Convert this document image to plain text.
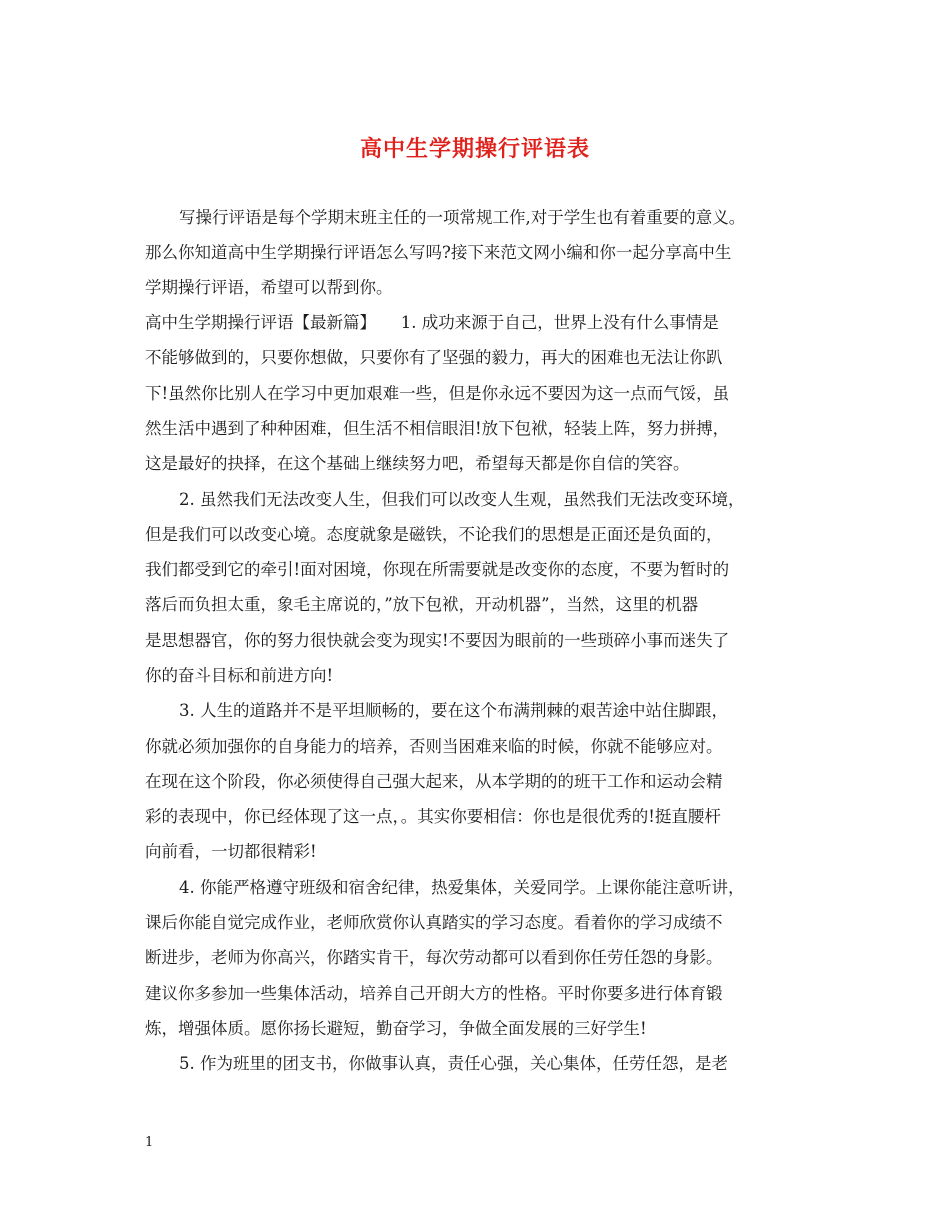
高中生学期操行评语表

写操行评语是每个学期末班主任的一项常规工作,对于学生也有着重要的意义。

那么你知道高中生学期操行评语怎么写吗?接下来范文网小编和你一起分享高中生

学期操行评语，希望可以帮到你。

高中生学期操行评语【最新篇】　　1. 成功来源于自己，世界上没有什么事情是

不能够做到的，只要你想做，只要你有了坚强的毅力，再大的困难也无法让你趴

下!虽然你比别人在学习中更加艰难一些，但是你永远不要因为这一点而气馁，虽

然生活中遇到了种种困难，但生活不相信眼泪!放下包袱，轻装上阵，努力拼搏，

这是最好的抉择，在这个基础上继续努力吧，希望每天都是你自信的笑容。

2. 虽然我们无法改变人生，但我们可以改变人生观，虽然我们无法改变环境，

但是我们可以改变心境。态度就象是磁铁，不论我们的思想是正面还是负面的，

我们都受到它的牵引!面对困境，你现在所需要就是改变你的态度，不要为暂时的

落后而负担太重，象毛主席说的，”放下包袱，开动机器”，当然，这里的机器

是思想器官，你的努力很快就会变为现实!不要因为眼前的一些琐碎小事而迷失了

你的奋斗目标和前进方向!

3. 人生的道路并不是平坦顺畅的，要在这个布满荆棘的艰苦途中站住脚跟，

你就必须加强你的自身能力的培养，否则当困难来临的时候，你就不能够应对。

在现在这个阶段，你必须使得自己强大起来，从本学期的的班干工作和运动会精

彩的表现中，你已经体现了这一点，。其实你要相信：你也是很优秀的!挺直腰杆

向前看，一切都很精彩!

4. 你能严格遵守班级和宿舍纪律，热爱集体，关爱同学。上课你能注意听讲，

课后你能自觉完成作业，老师欣赏你认真踏实的学习态度。看着你的学习成绩不

断进步，老师为你高兴，你踏实肯干，每次劳动都可以看到你任劳任怨的身影。

建议你多参加一些集体活动，培养自己开朗大方的性格。平时你要多进行体育锻

炼，增强体质。愿你扬长避短，勤奋学习，争做全面发展的三好学生!

5. 作为班里的团支书，你做事认真，责任心强，关心集体，任劳任怨，是老

1
